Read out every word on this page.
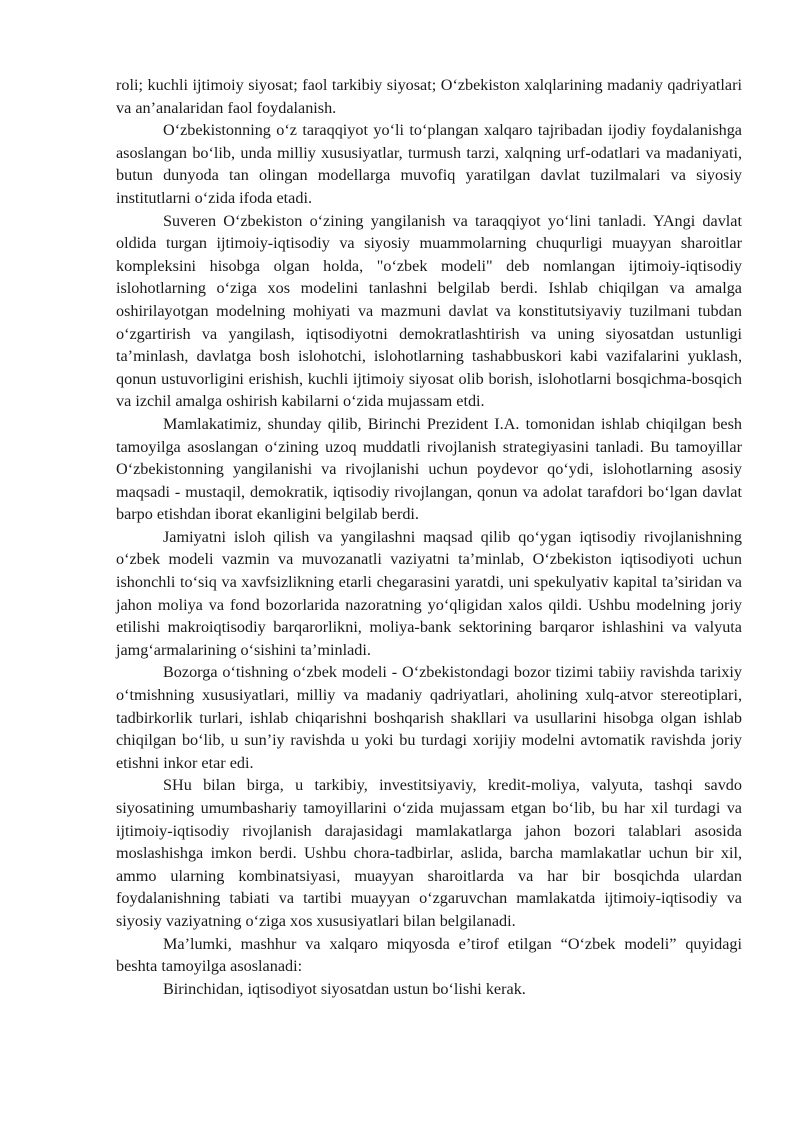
roli; kuchli ijtimoiy siyosat; faol tarkibiy siyosat; O‘zbekiston xalqlarining madaniy qadriyatlari va an’analaridan faol foydalanish.

O‘zbekistonning o‘z taraqqiyot yo‘li to‘plangan xalqaro tajribadan ijodiy foydalanishga asoslangan bo‘lib, unda milliy xususiyatlar, turmush tarzi, xalqning urf-odatlari va madaniyati, butun dunyoda tan olingan modellarga muvofiq yaratilgan davlat tuzilmalari va siyosiy institutlarni o‘zida ifoda etadi.

Suveren O‘zbekiston o‘zining yangilanish va taraqqiyot yo‘lini tanladi. YAngi davlat oldida turgan ijtimoiy-iqtisodiy va siyosiy muammolarning chuqurligi muayyan sharoitlar kompleksini hisobga olgan holda, "o‘zbek modeli" deb nomlangan ijtimoiy-iqtisodiy islohotlarning o‘ziga xos modelini tanlashni belgilab berdi. Ishlab chiqilgan va amalga oshirilayotgan modelning mohiyati va mazmuni davlat va konstitutsiyaviy tuzilmani tubdan o‘zgartirish va yangilash, iqtisodiyotni demokratlashtirish va uning siyosatdan ustunligi ta’minlash, davlatga bosh islohotchi, islohotlarning tashabbuskori kabi vazifalarini yuklash, qonun ustuvorligini erishish, kuchli ijtimoiy siyosat olib borish, islohotlarni bosqichma-bosqich va izchil amalga oshirish kabilarni o‘zida mujassam etdi.

Mamlakatimiz, shunday qilib, Birinchi Prezident I.A. tomonidan ishlab chiqilgan besh tamoyilga asoslangan o‘zining uzoq muddatli rivojlanish strategiyasini tanladi. Bu tamoyillar O‘zbekistonning yangilanishi va rivojlanishi uchun poydevor qo‘ydi, islohotlarning asosiy maqsadi - mustaqil, demokratik, iqtisodiy rivojlangan, qonun va adolat tarafdori bo‘lgan davlat barpo etishdan iborat ekanligini belgilab berdi.

Jamiyatni isloh qilish va yangilashni maqsad qilib qo‘ygan iqtisodiy rivojlanishning o‘zbek modeli vazmin va muvozanatli vaziyatni ta’minlab, O‘zbekiston iqtisodiyoti uchun ishonchli to‘siq va xavfsizlikning etarli chegarasini yaratdi, uni spekulyativ kapital ta’siridan va jahon moliya va fond bozorlarida nazoratning yo‘qligidan xalos qildi. Ushbu modelning joriy etilishi makroiqtisodiy barqarorlikni, moliya-bank sektorining barqaror ishlashini va valyuta jamg‘armalarining o‘sishini ta’minladi.

Bozorga o‘tishning o‘zbek modeli - O‘zbekistondagi bozor tizimi tabiiy ravishda tarixiy o‘tmishning xususiyatlari, milliy va madaniy qadriyatlari, aholining xulq-atvor stereotiplari, tadbirkorlik turlari, ishlab chiqarishni boshqarish shakllari va usullarini hisobga olgan ishlab chiqilgan bo‘lib, u sun’iy ravishda u yoki bu turdagi xorijiy modelni avtomatik ravishda joriy etishni inkor etar edi.

SHu bilan birga, u tarkibiy, investitsiyaviy, kredit-moliya, valyuta, tashqi savdo siyosatining umumbashariy tamoyillarini o‘zida mujassam etgan bo‘lib, bu har xil turdagi va ijtimoiy-iqtisodiy rivojlanish darajasidagi mamlakatlarga jahon bozori talablari asosida moslashishga imkon berdi. Ushbu chora-tadbirlar, aslida, barcha mamlakatlar uchun bir xil, ammo ularning kombinatsiyasi, muayyan sharoitlarda va har bir bosqichda ulardan foydalanishning tabiati va tartibi muayyan o‘zgaruvchan mamlakatda ijtimoiy-iqtisodiy va siyosiy vaziyatning o‘ziga xos xususiyatlari bilan belgilanadi.

Ma’lumki, mashhur va xalqaro miqyosda e’tirof etilgan “O‘zbek modeli” quyidagi beshta tamoyilga asoslanadi:

Birinchidan, iqtisodiyot siyosatdan ustun bo‘lishi kerak.
